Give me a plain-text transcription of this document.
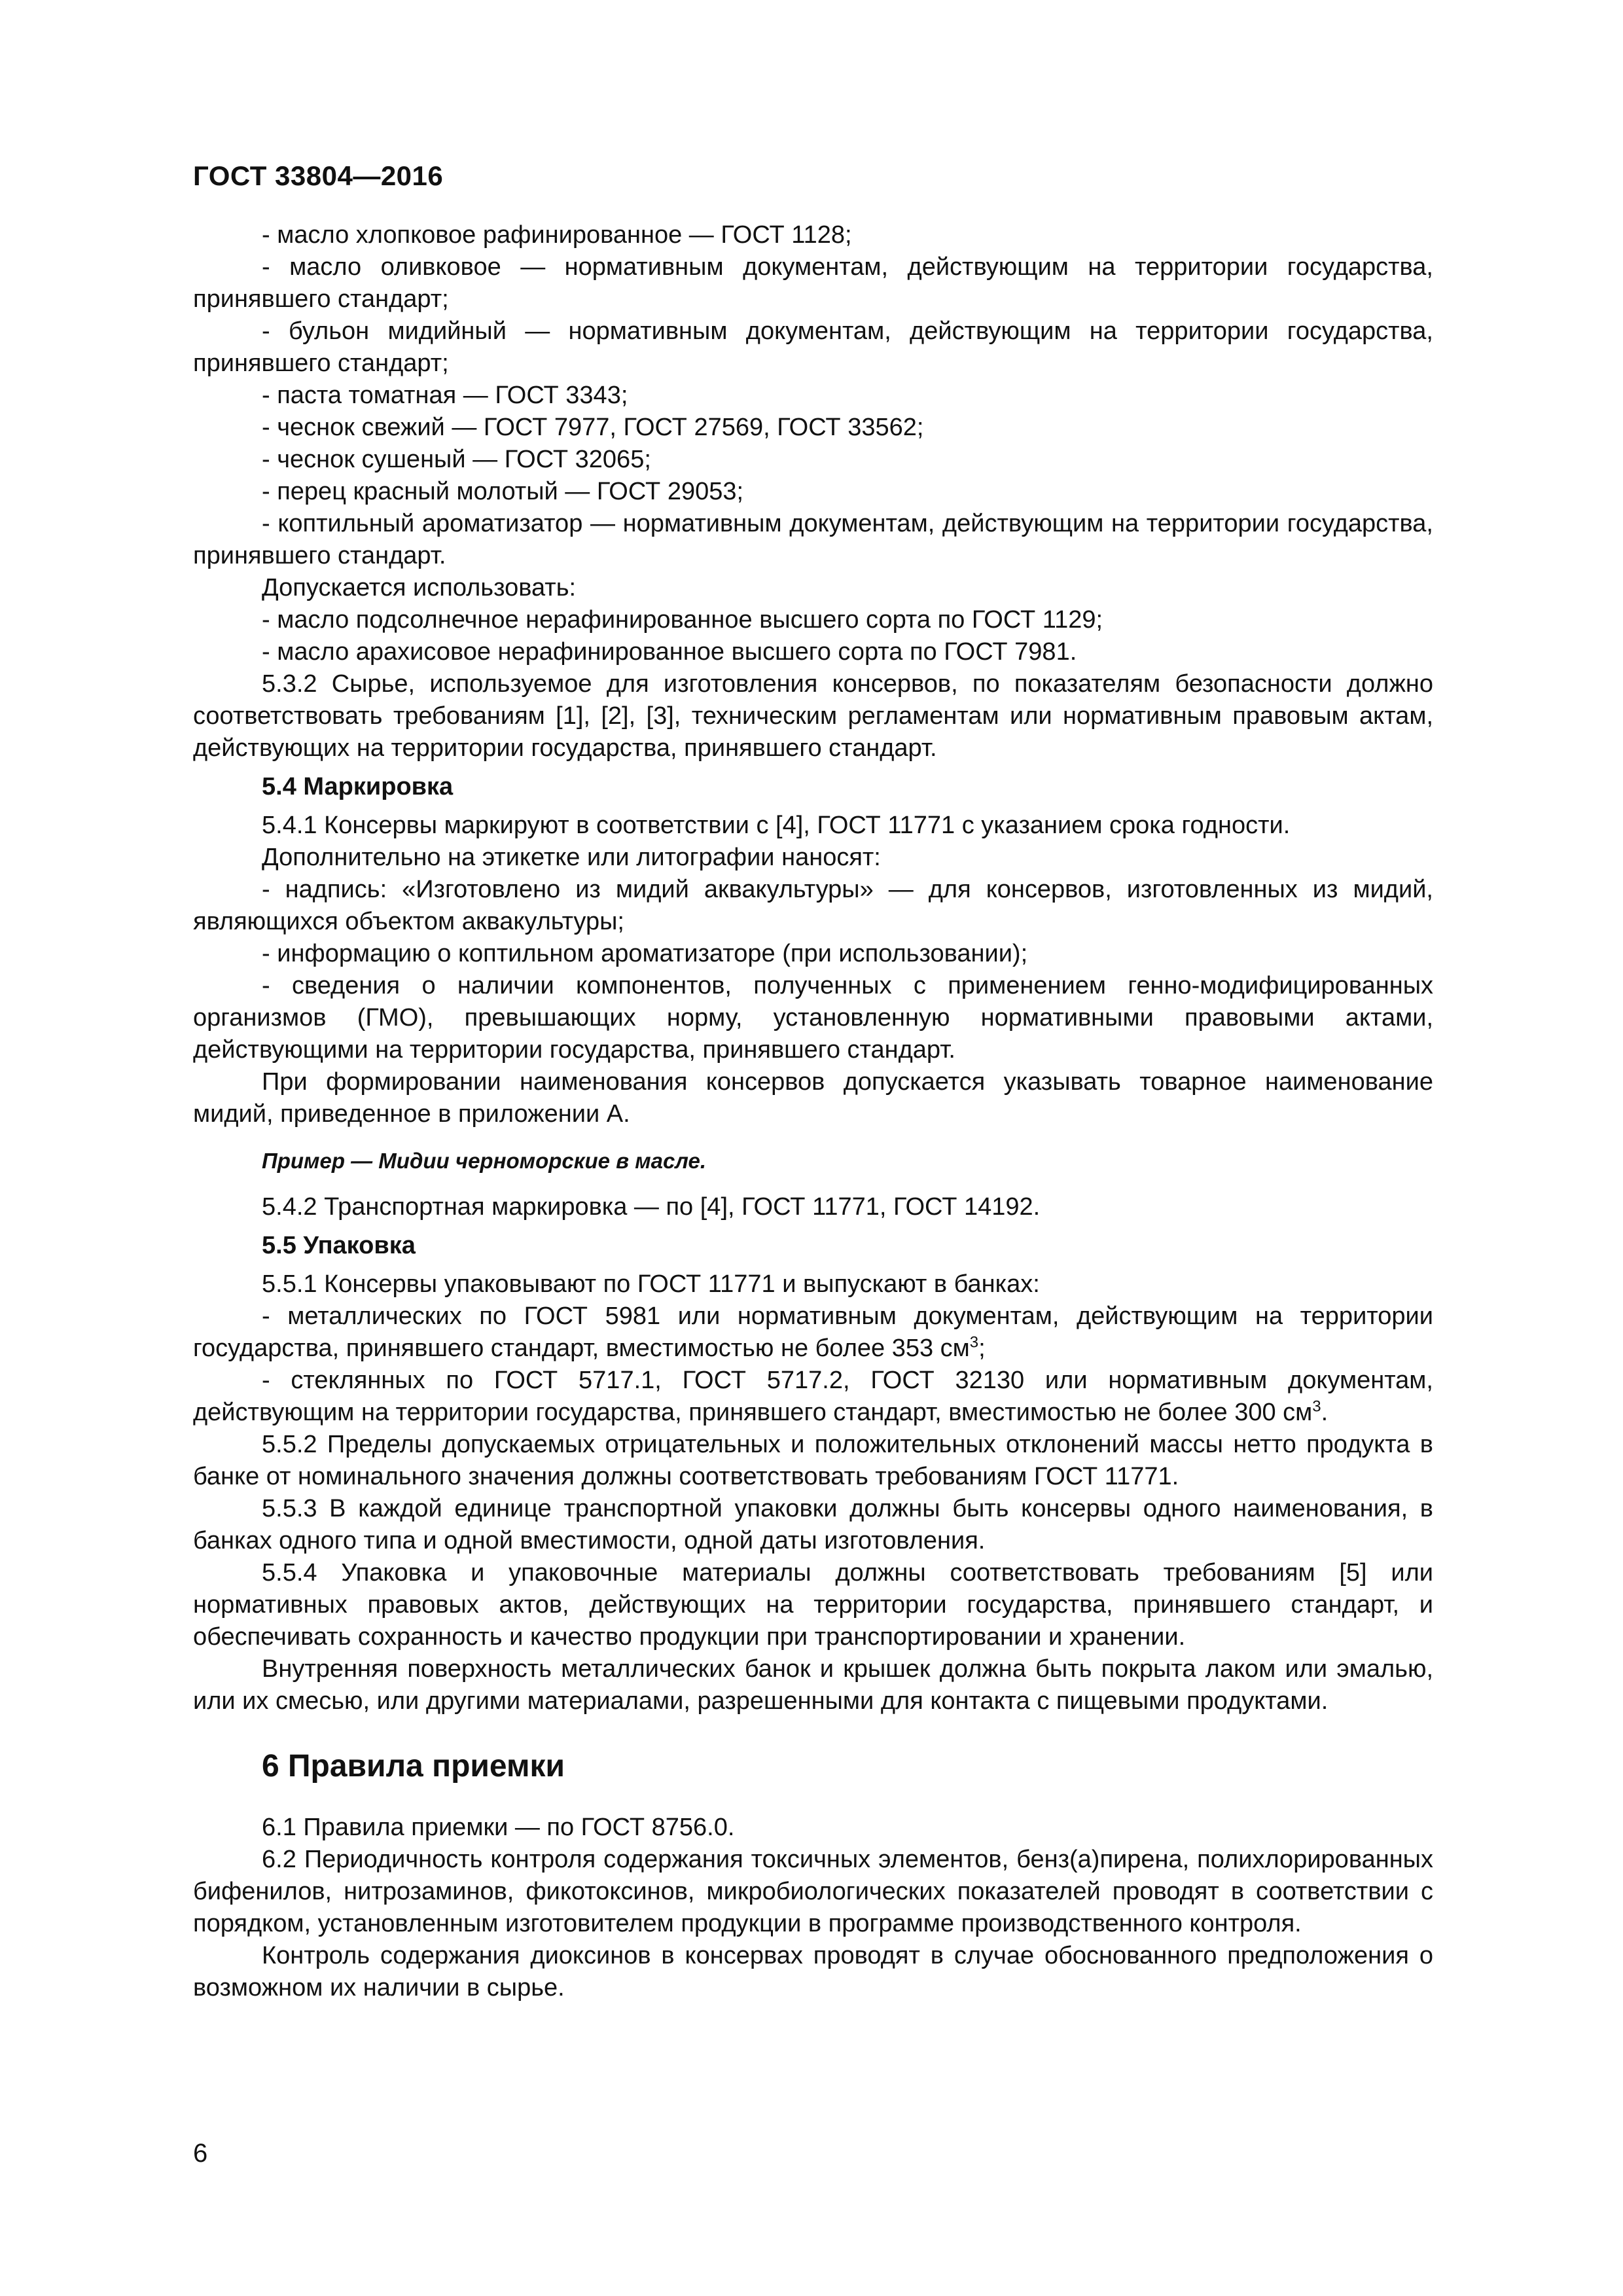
ГОСТ 33804—2016

- масло хлопковое рафинированное — ГОСТ 1128;

- масло оливковое — нормативным документам, действующим на территории государства, принявшего стандарт;

- бульон мидийный — нормативным документам, действующим на территории государства, принявшего стандарт;

- паста томатная — ГОСТ 3343;

- чеснок свежий — ГОСТ 7977, ГОСТ 27569, ГОСТ 33562;

- чеснок сушеный — ГОСТ 32065;

- перец красный молотый — ГОСТ 29053;

- коптильный ароматизатор — нормативным документам, действующим на территории государства, принявшего стандарт.

Допускается использовать:

- масло подсолнечное нерафинированное высшего сорта по ГОСТ 1129;

- масло арахисовое нерафинированное высшего сорта по ГОСТ 7981.

5.3.2 Сырье, используемое для изготовления консервов, по показателям безопасности должно соответствовать требованиям [1], [2], [3], техническим регламентам или нормативным правовым актам, действующих на территории государства, принявшего стандарт.

5.4 Маркировка

5.4.1 Консервы маркируют в соответствии с [4], ГОСТ 11771 с указанием срока годности.

Дополнительно на этикетке или литографии наносят:

- надпись: «Изготовлено из мидий аквакультуры» — для консервов, изготовленных из мидий, являющихся объектом аквакультуры;

- информацию о коптильном ароматизаторе (при использовании);

- сведения о наличии компонентов, полученных с применением генно-модифицированных организмов (ГМО), превышающих норму, установленную нормативными правовыми актами, действующими на территории государства, принявшего стандарт.

При формировании наименования консервов допускается указывать товарное наименование мидий, приведенное в приложении А.

Пример — Мидии черноморские в масле.

5.4.2 Транспортная маркировка — по [4], ГОСТ 11771, ГОСТ 14192.

5.5 Упаковка

5.5.1 Консервы упаковывают по ГОСТ 11771 и выпускают в банках:

- металлических по ГОСТ 5981 или нормативным документам, действующим на территории государства, принявшего стандарт, вместимостью не более 353 $см^3$;

- стеклянных по ГОСТ 5717.1, ГОСТ 5717.2, ГОСТ 32130 или нормативным документам, действующим на территории государства, принявшего стандарт, вместимостью не более 300 $см^3$.

5.5.2 Пределы допускаемых отрицательных и положительных отклонений массы нетто продукта в банке от номинального значения должны соответствовать требованиям ГОСТ 11771.

5.5.3 В каждой единице транспортной упаковки должны быть консервы одного наименования, в банках одного типа и одной вместимости, одной даты изготовления.

5.5.4 Упаковка и упаковочные материалы должны соответствовать требованиям [5] или нормативных правовых актов, действующих на территории государства, принявшего стандарт, и обеспечивать сохранность и качество продукции при транспортировании и хранении.

Внутренняя поверхность металлических банок и крышек должна быть покрыта лаком или эмалью, или их смесью, или другими материалами, разрешенными для контакта с пищевыми продуктами.

6 Правила приемки

6.1 Правила приемки — по ГОСТ 8756.0.

6.2 Периодичность контроля содержания токсичных элементов, бенз(а)пирена, полихлорированных бифенилов, нитрозаминов, фикотоксинов, микробиологических показателей проводят в соответствии с порядком, установленным изготовителем продукции в программе производственного контроля.

Контроль содержания диоксинов в консервах проводят в случае обоснованного предположения о возможном их наличии в сырье.

6
